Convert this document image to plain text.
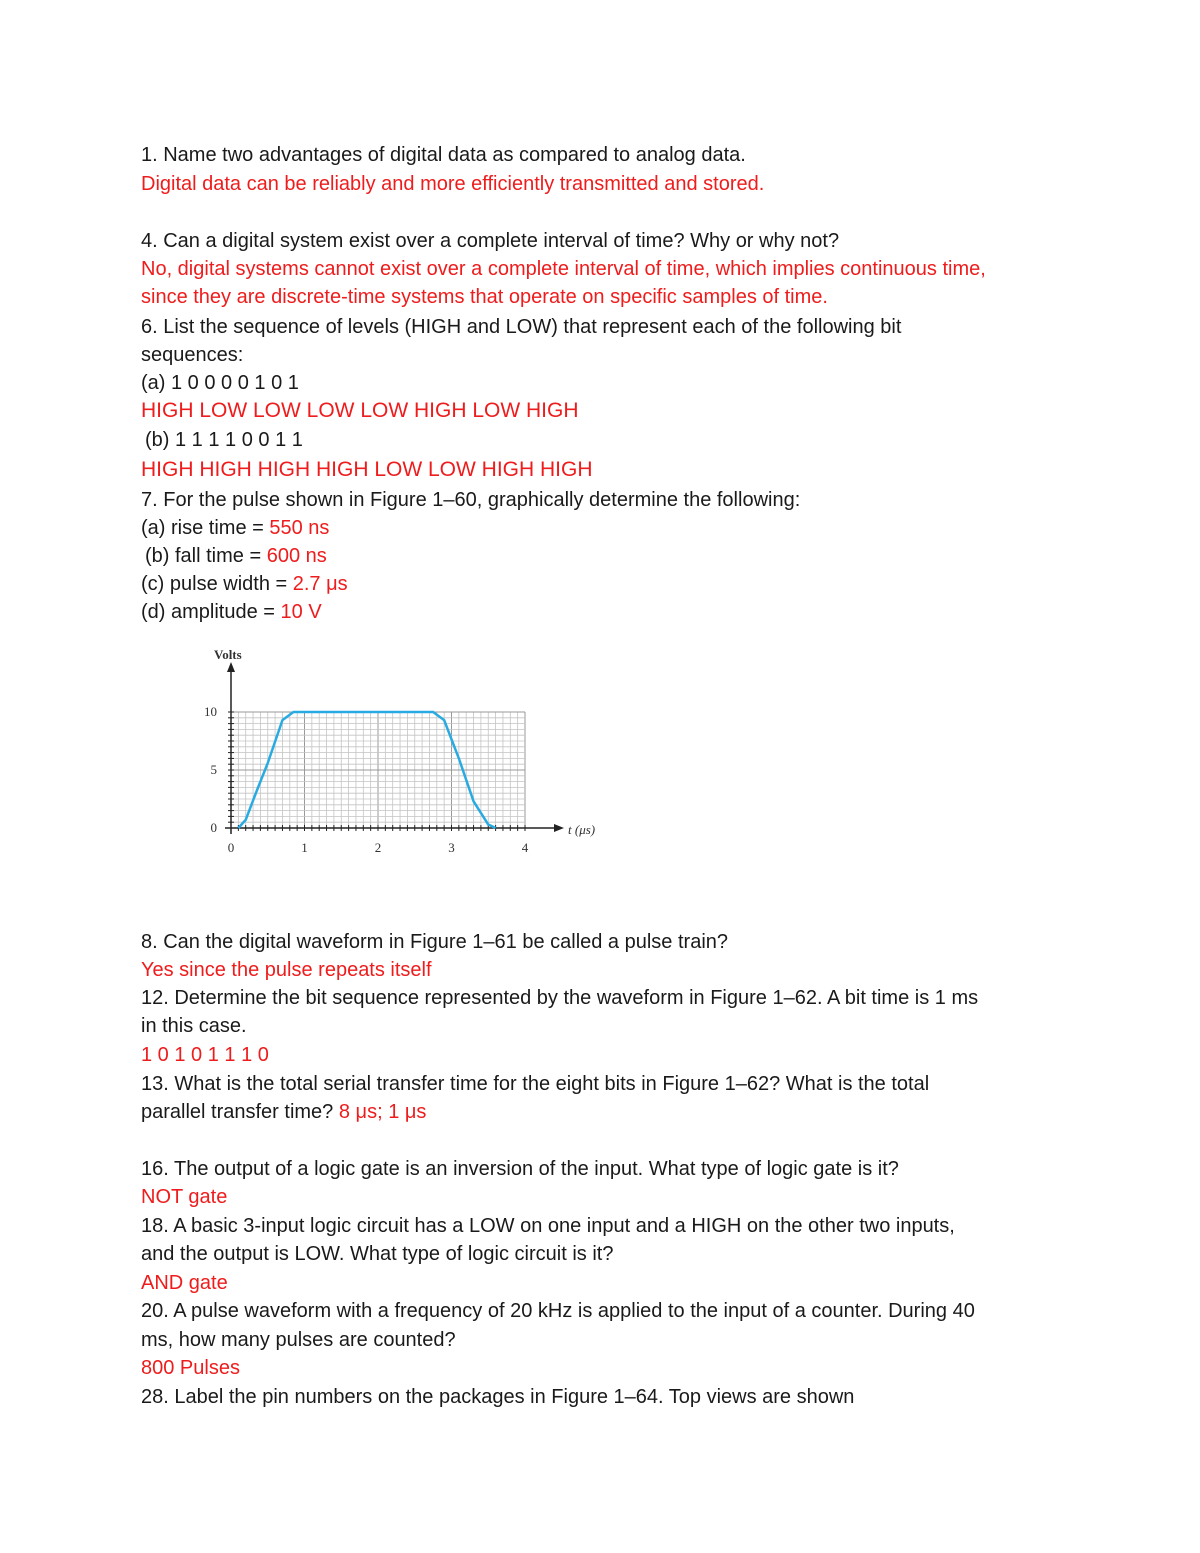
1. Name two advantages of digital data as compared to analog data.
Digital data can be reliably and more efficiently transmitted and stored.
4. Can a digital system exist over a complete interval of time? Why or why not?
No, digital systems cannot exist over a complete interval of time, which implies continuous time,
since they are discrete-time systems that operate on specific samples of time.
6. List the sequence of levels (HIGH and LOW) that represent each of the following bit
sequences:
(a) 1 0 0 0 0 1 0 1
HIGH LOW LOW LOW LOW HIGH LOW HIGH
(b) 1 1 1 1 0 0 1 1
HIGH HIGH HIGH HIGH LOW LOW HIGH HIGH
7. For the pulse shown in Figure 1–60, graphically determine the following:
(a) rise time = 550 ns
(b) fall time = 600 ns
(c) pulse width = 2.7 μs
(d) amplitude = 10 V
0	1	2	3	4
0
5
10
Volts
t (μs)
8. Can the digital waveform in Figure 1–61 be called a pulse train?
Yes since the pulse repeats itself
12. Determine the bit sequence represented by the waveform in Figure 1–62. A bit time is 1 ms
in this case.
1 0 1 0 1 1 1 0
13. What is the total serial transfer time for the eight bits in Figure 1–62? What is the total
parallel transfer time? 8 μs; 1 μs
16. The output of a logic gate is an inversion of the input. What type of logic gate is it?
NOT gate
18. A basic 3-input logic circuit has a LOW on one input and a HIGH on the other two inputs,
and the output is LOW. What type of logic circuit is it?
AND gate
20. A pulse waveform with a frequency of 20 kHz is applied to the input of a counter. During 40
ms, how many pulses are counted?
800 Pulses
28. Label the pin numbers on the packages in Figure 1–64. Top views are shown
